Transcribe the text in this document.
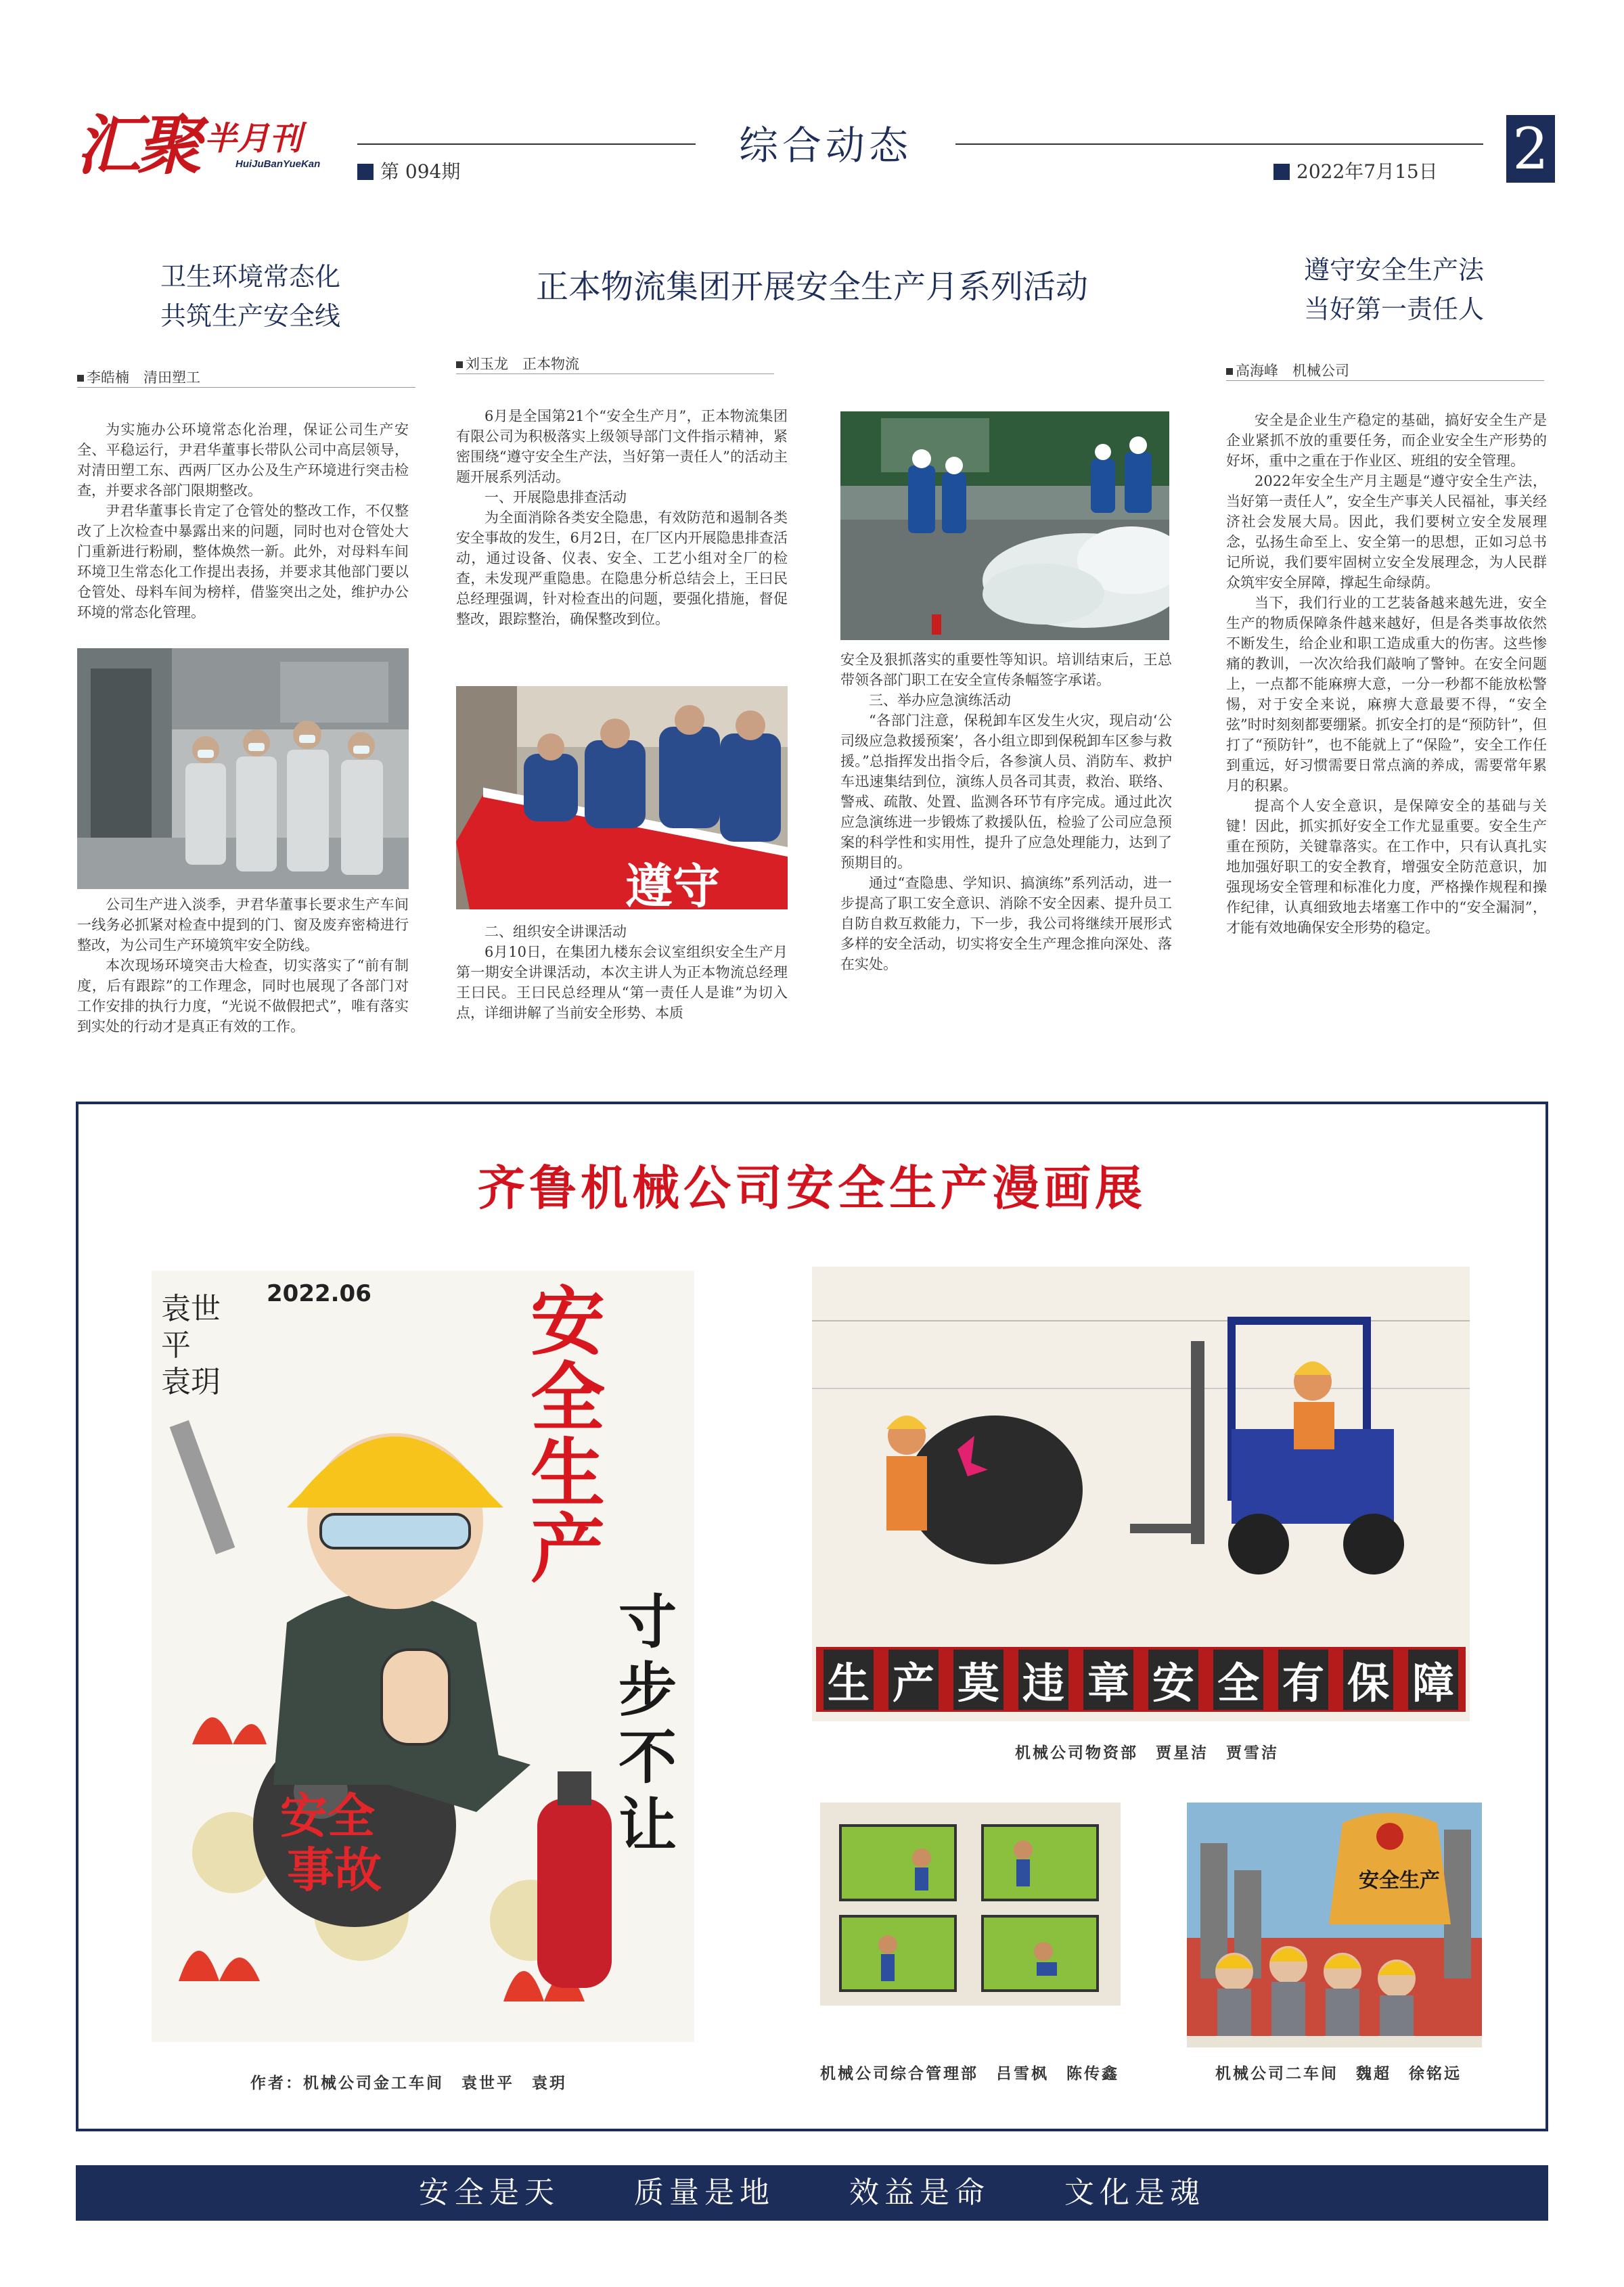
汇聚 半月刊
HuiJuBanYueKan	综合动态
第 094期	2022年7月15日 2
卫生环境常态化
共筑生产安全线
正本物流集团开展安全生产月系列活动	遵守安全生产法
当好第一责任人
李皓楠　清田塑工
刘玉龙　正本物流	高海峰　机械公司

为实施办公环境常态化治理，保证公司生产安全、平稳运行，尹君华董事长带队公司中高层领导，对清田塑工东、西两厂区办公及生产环境进行突击检查，并要求各部门限期整改。

尹君华董事长肯定了仓管处的整改工作，不仅整改了上次检查中暴露出来的问题，同时也对仓管处大门重新进行粉刷，整体焕然一新。此外，对母料车间环境卫生常态化工作提出表扬，并要求其他部门要以仓管处、母料车间为榜样，借鉴突出之处，维护办公环境的常态化管理。

公司生产进入淡季，尹君华董事长要求生产车间一线务必抓紧对检查中提到的门、窗及废弃密椅进行整改，为公司生产环境筑牢安全防线。

本次现场环境突击大检查，切实落实了“前有制度，后有跟踪”的工作理念，同时也展现了各部门对工作安排的执行力度，“光说不做假把式”，唯有落实到实处的行动才是真正有效的工作。

6月是全国第21个“安全生产月”，正本物流集团有限公司为积极落实上级领导部门文件指示精神，紧密围绕“遵守安全生产法，当好第一责任人”的活动主题开展系列活动。

一、开展隐患排查活动

为全面消除各类安全隐患，有效防范和遏制各类安全事故的发生，6月2日，在厂区内开展隐患排查活动，通过设备、仪表、安全、工艺小组对全厂的检查，未发现严重隐患。在隐患分析总结会上，王曰民总经理强调，针对检查出的问题，要强化措施，督促整改，跟踪整治，确保整改到位。

遵守

二、组织安全讲课活动

6月10日，在集团九楼东会议室组织安全生产月第一期安全讲课活动，本次主讲人为正本物流总经理王曰民。王曰民总经理从“第一责任人是谁”为切入点，详细讲解了当前安全形势、本质

安全及狠抓落实的重要性等知识。培训结束后，王总带领各部门职工在安全宣传条幅签字承诺。

三、举办应急演练活动

“各部门注意，保税卸车区发生火灾，现启动‘公司级应急救援预案’，各小组立即到保税卸车区参与救援。”总指挥发出指令后，各参演人员、消防车、救护车迅速集结到位，演练人员各司其责，救治、联络、警戒、疏散、处置、监测各环节有序完成。通过此次应急演练进一步锻炼了救援队伍，检验了公司应急预案的科学性和实用性，提升了应急处理能力，达到了预期目的。

通过“查隐患、学知识、搞演练”系列活动，进一步提高了职工安全意识、消除不安全因素、提升员工自防自救互救能力，下一步，我公司将继续开展形式多样的安全活动，切实将安全生产理念推向深处、落在实处。

安全是企业生产稳定的基础，搞好安全生产是企业紧抓不放的重要任务，而企业安全生产形势的好坏，重中之重在于作业区、班组的安全管理。

2022年安全生产月主题是“遵守安全生产法，当好第一责任人”，安全生产事关人民福祉，事关经济社会发展大局。因此，我们要树立安全发展理念，弘扬生命至上、安全第一的思想，正如习总书记所说，我们要牢固树立安全发展理念，为人民群众筑牢安全屏障，撑起生命绿荫。

当下，我们行业的工艺装备越来越先进，安全生产的物质保障条件越来越好，但是各类事故依然不断发生，给企业和职工造成重大的伤害。这些惨痛的教训，一次次给我们敲响了警钟。在安全问题上，一点都不能麻痹大意，一分一秒都不能放松警惕，对于安全来说，麻痹大意最要不得，“安全弦”时时刻刻都要绷紧。抓安全打的是“预防针”，但打了“预防针”，也不能就上了“保险”，安全工作任到重远，好习惯需要日常点滴的养成，需要常年累月的积累。

提高个人安全意识，是保障安全的基础与关键！因此，抓实抓好安全工作尤显重要。安全生产重在预防，关键靠落实。在工作中，只有认真扎实地加强好职工的安全教育，增强安全防范意识，加强现场安全管理和标准化力度，严格操作规程和操作纪律，认真细致地去堵塞工作中的“安全漏洞”，才能有效地确保安全形势的稳定。

齐鲁机械公司安全生产漫画展
安全
事故
安全生产
寸步不让
2022.06
袁世平 袁玥
生 产 莫 违 章 安 全 有 保 障
安全生产
作者：机械公司金工车间　袁世平　袁玥
机械公司物资部　贾星洁　贾雪洁
机械公司综合管理部　吕雪枫　陈传鑫	机械公司二车间　魏超　徐铭远
安全是天	质量是地	效益是命	文化是魂
